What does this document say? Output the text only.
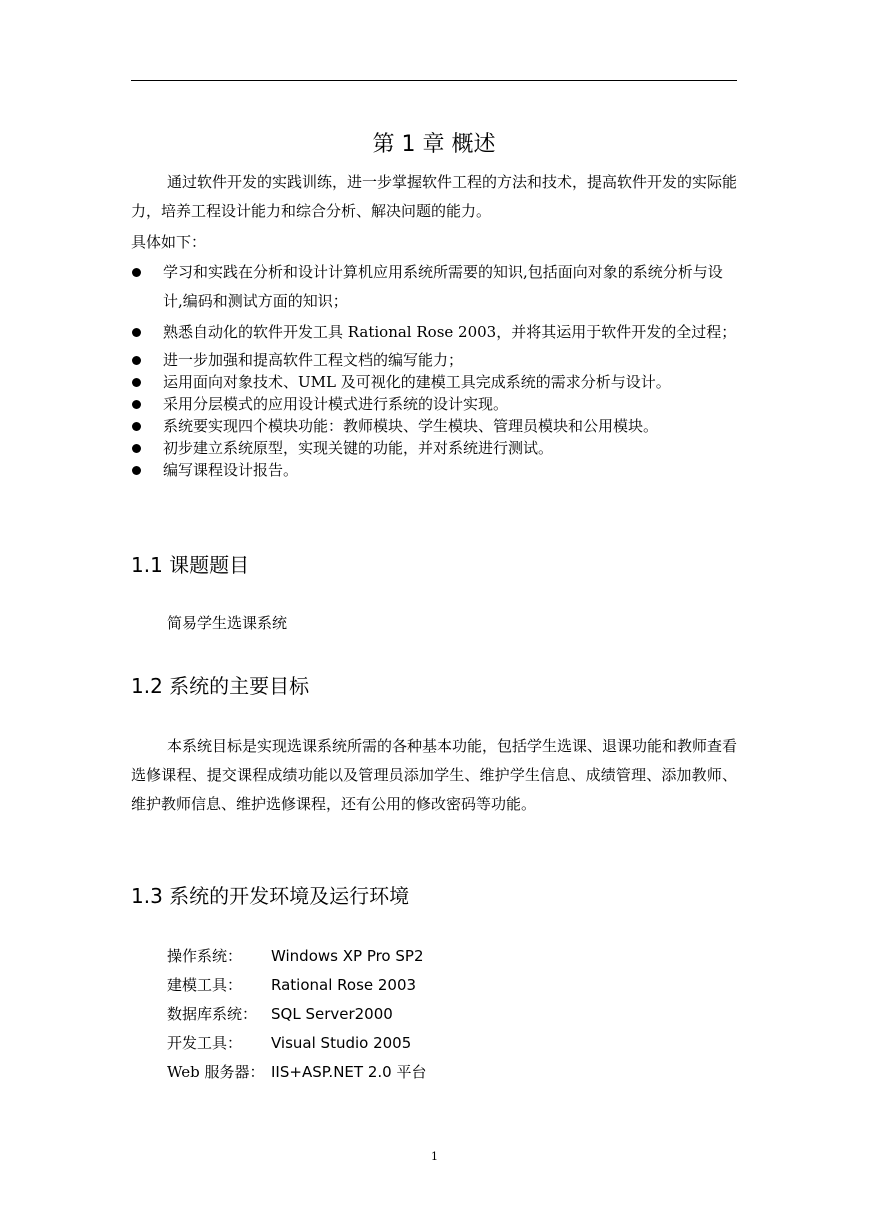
第 1 章 概述
通过软件开发的实践训练，进一步掌握软件工程的方法和技术，提高软件开发的实际能力，培养工程设计能力和综合分析、解决问题的能力。
具体如下：
学习和实践在分析和设计计算机应用系统所需要的知识,包括面向对象的系统分析与设计,编码和测试方面的知识；
熟悉自动化的软件开发工具 Rational Rose 2003，并将其运用于软件开发的全过程；
进一步加强和提高软件工程文档的编写能力；
运用面向对象技术、UML 及可视化的建模工具完成系统的需求分析与设计。
采用分层模式的应用设计模式进行系统的设计实现。
系统要实现四个模块功能：教师模块、学生模块、管理员模块和公用模块。
初步建立系统原型，实现关键的功能，并对系统进行测试。
编写课程设计报告。
1.1 课题题目
简易学生选课系统
1.2 系统的主要目标
本系统目标是实现选课系统所需的各种基本功能，包括学生选课、退课功能和教师查看选修课程、提交课程成绩功能以及管理员添加学生、维护学生信息、成绩管理、添加教师、维护教师信息、维护选修课程，还有公用的修改密码等功能。
1.3 系统的开发环境及运行环境
操作系统：	Windows XP Pro SP2
建模工具：	Rational Rose 2003
数据库系统： SQL Server2000
开发工具：	Visual Studio 2005
Web 服务器： IIS+ASP.NET 2.0 平台
1
